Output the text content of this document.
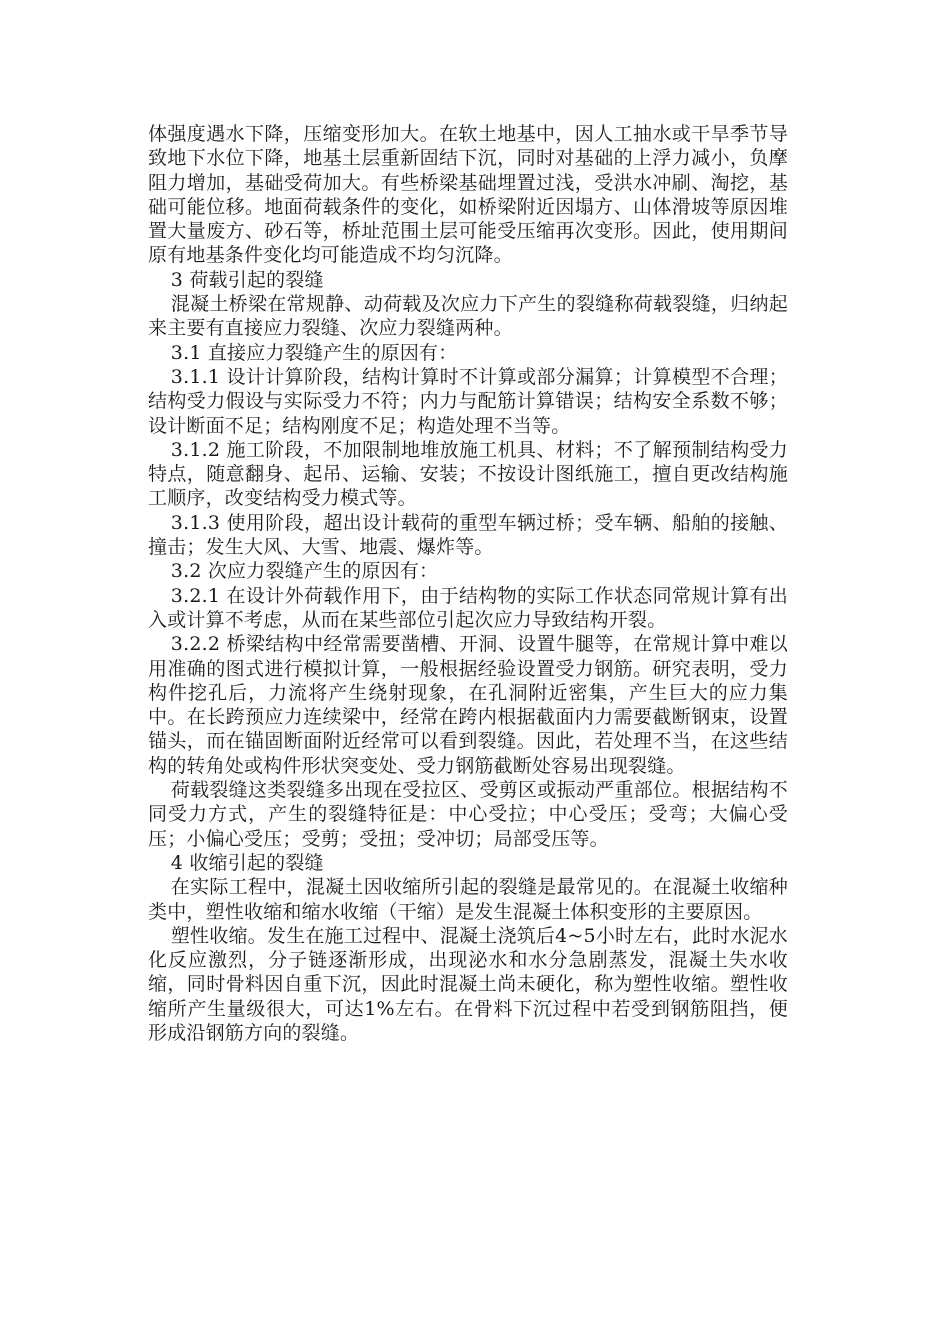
体强度遇水下降，压缩变形加大。在软土地基中，因人工抽水或干旱季节导致地下水位下降，地基土层重新固结下沉，同时对基础的上浮力减小，负摩阻力增加，基础受荷加大。有些桥梁基础埋置过浅，受洪水冲刷、淘挖，基础可能位移。地面荷载条件的变化，如桥梁附近因塌方、山体滑坡等原因堆置大量废方、砂石等，桥址范围土层可能受压缩再次变形。因此，使用期间原有地基条件变化均可能造成不均匀沉降。

3 荷载引起的裂缝

混凝土桥梁在常规静、动荷载及次应力下产生的裂缝称荷载裂缝，归纳起来主要有直接应力裂缝、次应力裂缝两种。

3.1 直接应力裂缝产生的原因有：

3.1.1 设计计算阶段，结构计算时不计算或部分漏算；计算模型不合理；结构受力假设与实际受力不符；内力与配筋计算错误；结构安全系数不够；设计断面不足；结构刚度不足；构造处理不当等。

3.1.2 施工阶段，不加限制地堆放施工机具、材料；不了解预制结构受力特点，随意翻身、起吊、运输、安装；不按设计图纸施工，擅自更改结构施工顺序，改变结构受力模式等。

3.1.3 使用阶段，超出设计载荷的重型车辆过桥；受车辆、船舶的接触、撞击；发生大风、大雪、地震、爆炸等。

3.2 次应力裂缝产生的原因有：

3.2.1 在设计外荷载作用下，由于结构物的实际工作状态同常规计算有出入或计算不考虑，从而在某些部位引起次应力导致结构开裂。

3.2.2 桥梁结构中经常需要凿槽、开洞、设置牛腿等，在常规计算中难以用准确的图式进行模拟计算，一般根据经验设置受力钢筋。研究表明，受力构件挖孔后，力流将产生绕射现象，在孔洞附近密集，产生巨大的应力集中。在长跨预应力连续梁中，经常在跨内根据截面内力需要截断钢束，设置锚头，而在锚固断面附近经常可以看到裂缝。因此，若处理不当，在这些结构的转角处或构件形状突变处、受力钢筋截断处容易出现裂缝。

荷载裂缝这类裂缝多出现在受拉区、受剪区或振动严重部位。根据结构不同受力方式，产生的裂缝特征是：中心受拉；中心受压；受弯；大偏心受压；小偏心受压；受剪；受扭；受冲切；局部受压等。

4 收缩引起的裂缝

在实际工程中，混凝土因收缩所引起的裂缝是最常见的。在混凝土收缩种类中，塑性收缩和缩水收缩（干缩）是发生混凝土体积变形的主要原因。

塑性收缩。发生在施工过程中、混凝土浇筑后4~5小时左右，此时水泥水化反应激烈，分子链逐渐形成，出现泌水和水分急剧蒸发，混凝土失水收缩，同时骨料因自重下沉，因此时混凝土尚未硬化，称为塑性收缩。塑性收缩所产生量级很大，可达1%左右。在骨料下沉过程中若受到钢筋阻挡，便形成沿钢筋方向的裂缝。
